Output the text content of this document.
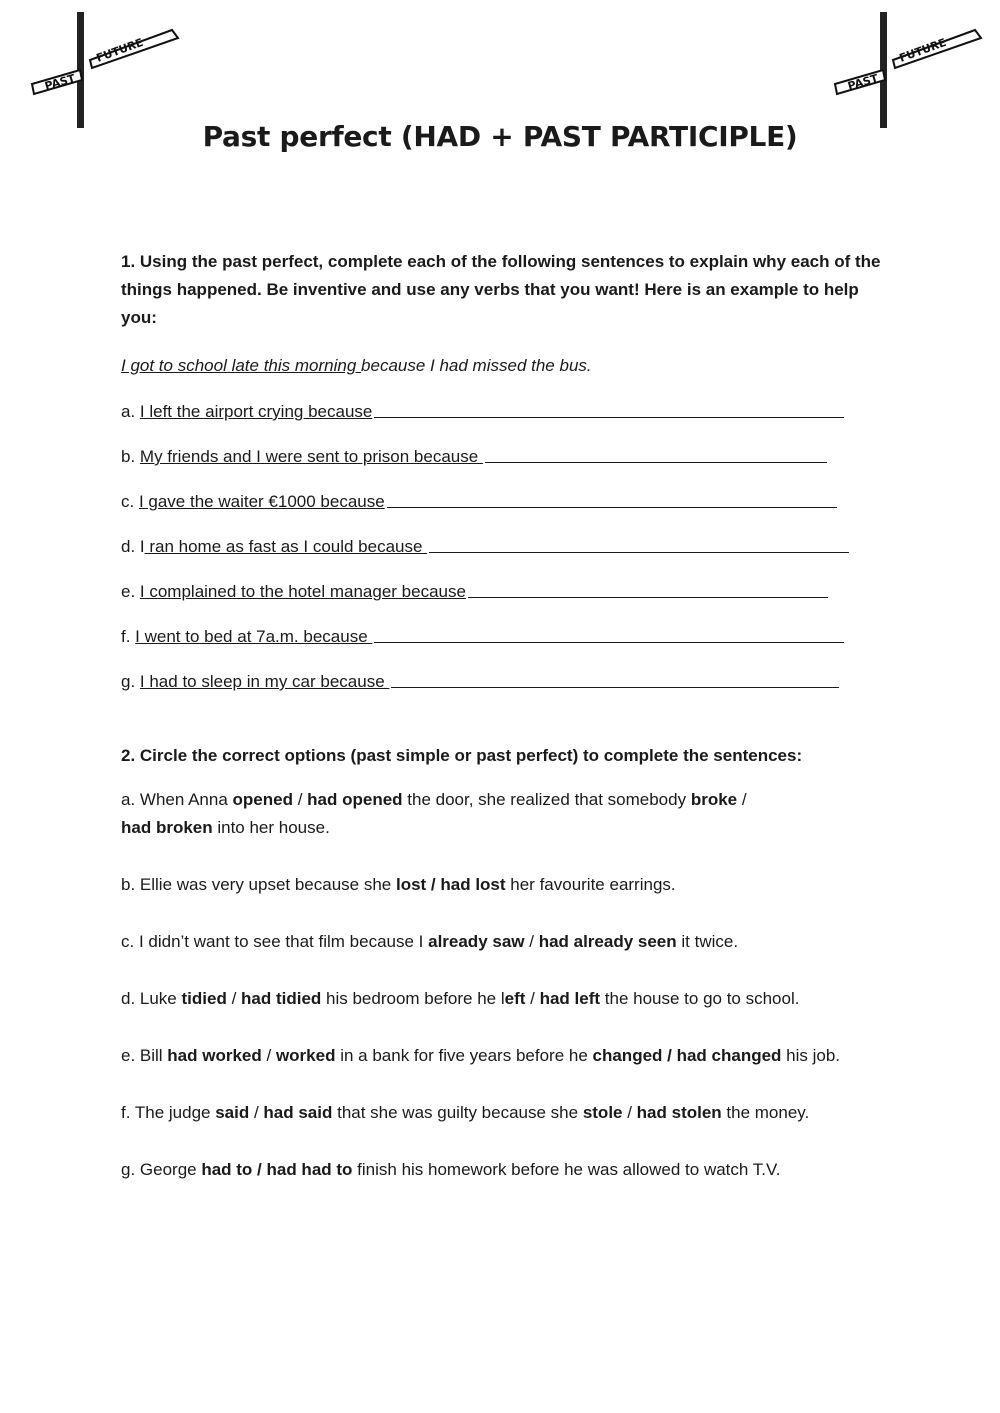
FUTURE
PAST
FUTURE
PAST
Past perfect (HAD + PAST PARTICIPLE)

1. Using the past perfect, complete each of the following sentences to explain why each of the things happened. Be inventive and use any verbs that you want! Here is an example to help you:

I got to school late this morning because I had missed the bus.
a. I left the airport crying because
b. My friends and I were sent to prison because
c. I gave the waiter €1000 because
d. I ran home as fast as I could because
e. I complained to the hotel manager because
f. I went to bed at 7a.m. because
g. I had to sleep in my car because

2. Circle the correct options (past simple or past perfect) to complete the sentences:

a. When Anna opened / had opened the door, she realized that somebody broke /
had broken into her house.
b. Ellie was very upset because she lost / had lost her favourite earrings.
c. I didn’t want to see that film because I already saw / had already seen it twice.
d. Luke tidied / had tidied his bedroom before he left / had left the house to go to school.
e. Bill had worked / worked in a bank for five years before he changed / had changed his job.
f. The judge said / had said that she was guilty because she stole / had stolen the money.
g. George had to / had had to finish his homework before he was allowed to watch T.V.
